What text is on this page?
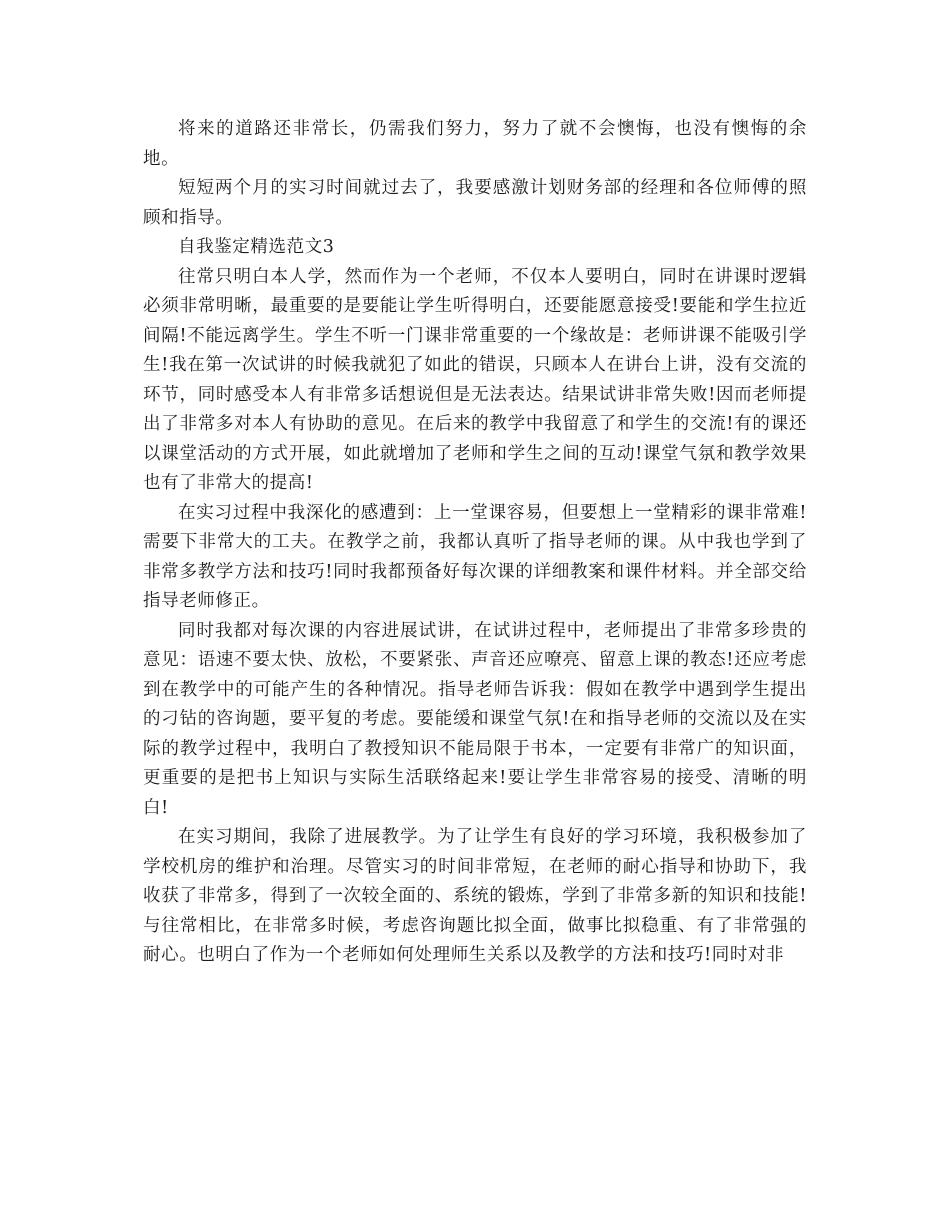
将来的道路还非常长，仍需我们努力，努力了就不会懊悔，也没有懊悔的余地。

短短两个月的实习时间就过去了，我要感激计划财务部的经理和各位师傅的照顾和指导。

自我鉴定精选范文3

往常只明白本人学，然而作为一个老师，不仅本人要明白，同时在讲课时逻辑必须非常明晰，最重要的是要能让学生听得明白，还要能愿意接受!要能和学生拉近间隔!不能远离学生。学生不听一门课非常重要的一个缘故是：老师讲课不能吸引学生!我在第一次试讲的时候我就犯了如此的错误，只顾本人在讲台上讲，没有交流的环节，同时感受本人有非常多话想说但是无法表达。结果试讲非常失败!因而老师提出了非常多对本人有协助的意见。在后来的教学中我留意了和学生的交流!有的课还以课堂活动的方式开展，如此就增加了老师和学生之间的互动!课堂气氛和教学效果也有了非常大的提高!

在实习过程中我深化的感遭到：上一堂课容易，但要想上一堂精彩的课非常难!需要下非常大的工夫。在教学之前，我都认真听了指导老师的课。从中我也学到了非常多教学方法和技巧!同时我都预备好每次课的详细教案和课件材料。并全部交给指导老师修正。

同时我都对每次课的内容进展试讲，在试讲过程中，老师提出了非常多珍贵的意见：语速不要太快、放松，不要紧张、声音还应嘹亮、留意上课的教态!还应考虑到在教学中的可能产生的各种情况。指导老师告诉我：假如在教学中遇到学生提出的刁钻的咨询题，要平复的考虑。要能缓和课堂气氛!在和指导老师的交流以及在实际的教学过程中，我明白了教授知识不能局限于书本，一定要有非常广的知识面，更重要的是把书上知识与实际生活联络起来!要让学生非常容易的接受、清晰的明白!

在实习期间，我除了进展教学。为了让学生有良好的学习环境，我积极参加了学校机房的维护和治理。尽管实习的时间非常短，在老师的耐心指导和协助下，我收获了非常多，得到了一次较全面的、系统的锻炼，学到了非常多新的知识和技能!与往常相比，在非常多时候，考虑咨询题比拟全面，做事比拟稳重、有了非常强的耐心。也明白了作为一个老师如何处理师生关系以及教学的方法和技巧!同时对非
